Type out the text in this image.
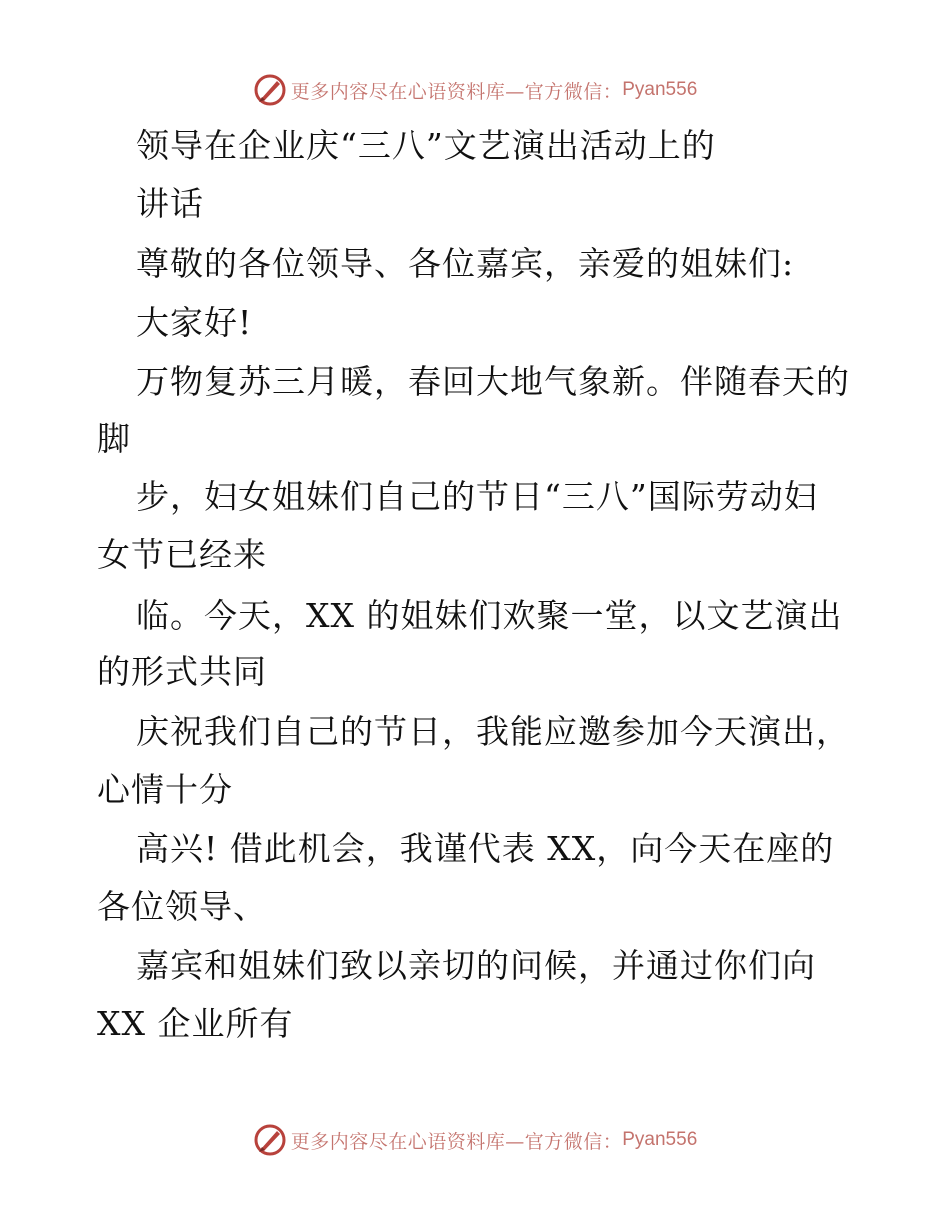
更多内容尽在心语资料库—官方微信： Pyan556
领导在企业庆“三八”文艺演出活动上的
讲话
尊敬的各位领导、各位嘉宾，亲爱的姐妹们:
大家好!
万物复苏三月暖，春回大地气象新。伴随春天的
脚
步，妇女姐妹们自己的节日“三八”国际劳动妇
女节已经来
临。今天，XX 的姐妹们欢聚一堂，以文艺演出
的形式共同
庆祝我们自己的节日，我能应邀参加今天演出，
心情十分
高兴! 借此机会，我谨代表 XX，向今天在座的
各位领导、
嘉宾和姐妹们致以亲切的问候，并通过你们向
XX 企业所有
更多内容尽在心语资料库—官方微信： Pyan556
